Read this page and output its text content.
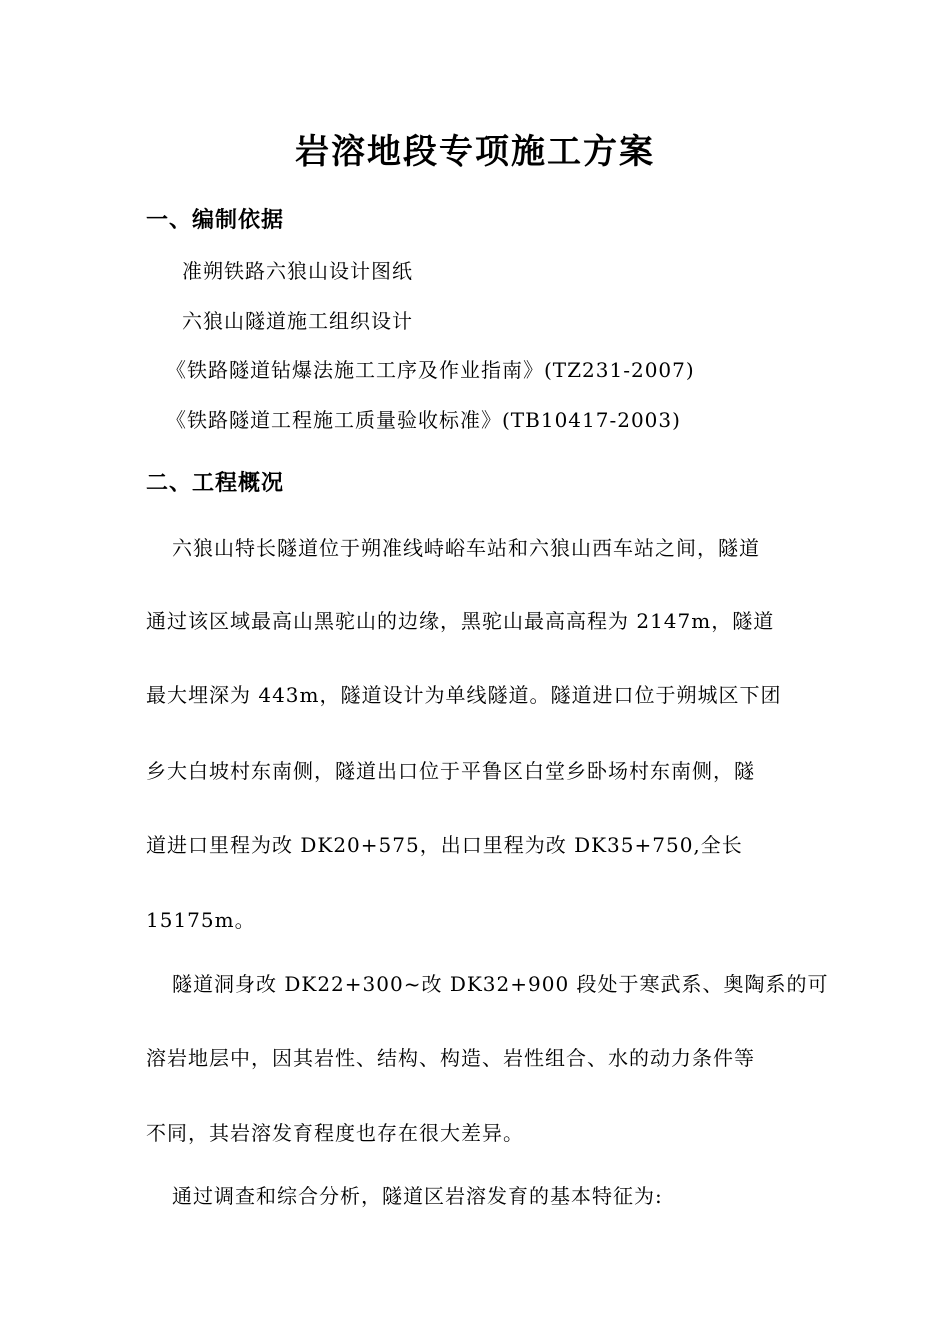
岩溶地段专项施工方案
一、编制依据
准朔铁路六狼山设计图纸
六狼山隧道施工组织设计
《铁路隧道钻爆法施工工序及作业指南》(TZ231-2007)
《铁路隧道工程施工质量验收标准》(TB10417-2003)
二、工程概况
六狼山特长隧道位于朔准线峙峪车站和六狼山西车站之间，隧道
通过该区域最高山黑驼山的边缘，黑驼山最高高程为 2147m，隧道
最大埋深为 443m，隧道设计为单线隧道。隧道进口位于朔城区下团
乡大白坡村东南侧，隧道出口位于平鲁区白堂乡卧场村东南侧，隧
道进口里程为改 DK20+575，出口里程为改 DK35+750,全长
15175m。
隧道洞身改 DK22+300~改 DK32+900 段处于寒武系、奥陶系的可
溶岩地层中，因其岩性、结构、构造、岩性组合、水的动力条件等
不同，其岩溶发育程度也存在很大差异。
通过调查和综合分析，隧道区岩溶发育的基本特征为:
